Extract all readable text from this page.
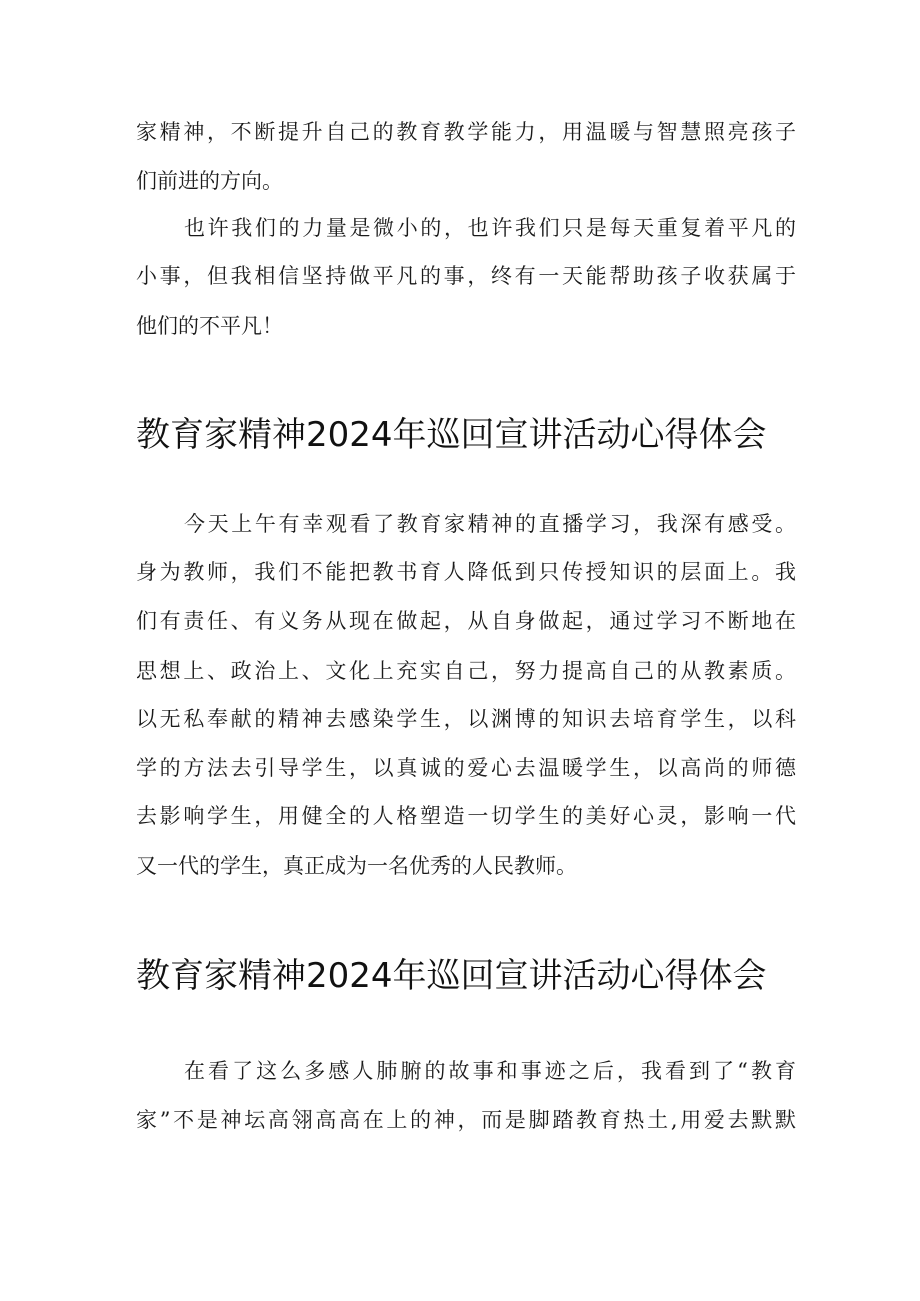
家精神，不断提升自己的教育教学能力，用温暖与智慧照亮孩子
们前进的方向。
也许我们的力量是微小的，也许我们只是每天重复着平凡的
小事，但我相信坚持做平凡的事，终有一天能帮助孩子收获属于
他们的不平凡！
教育家精神2024年巡回宣讲活动心得体会
今天上午有幸观看了教育家精神的直播学习，我深有感受。
身为教师，我们不能把教书育人降低到只传授知识的层面上。我
们有责任、有义务从现在做起，从自身做起，通过学习不断地在
思想上、政治上、文化上充实自己，努力提高自己的从教素质。
以无私奉献的精神去感染学生，以渊博的知识去培育学生，以科
学的方法去引导学生，以真诚的爱心去温暖学生，以高尚的师德
去影响学生，用健全的人格塑造一切学生的美好心灵，影响一代
又一代的学生，真正成为一名优秀的人民教师。
教育家精神2024年巡回宣讲活动心得体会
在看了这么多感人肺腑的故事和事迹之后，我看到了“教育
家”不是神坛高翎高高在上的神，而是脚踏教育热土,用爱去默默
